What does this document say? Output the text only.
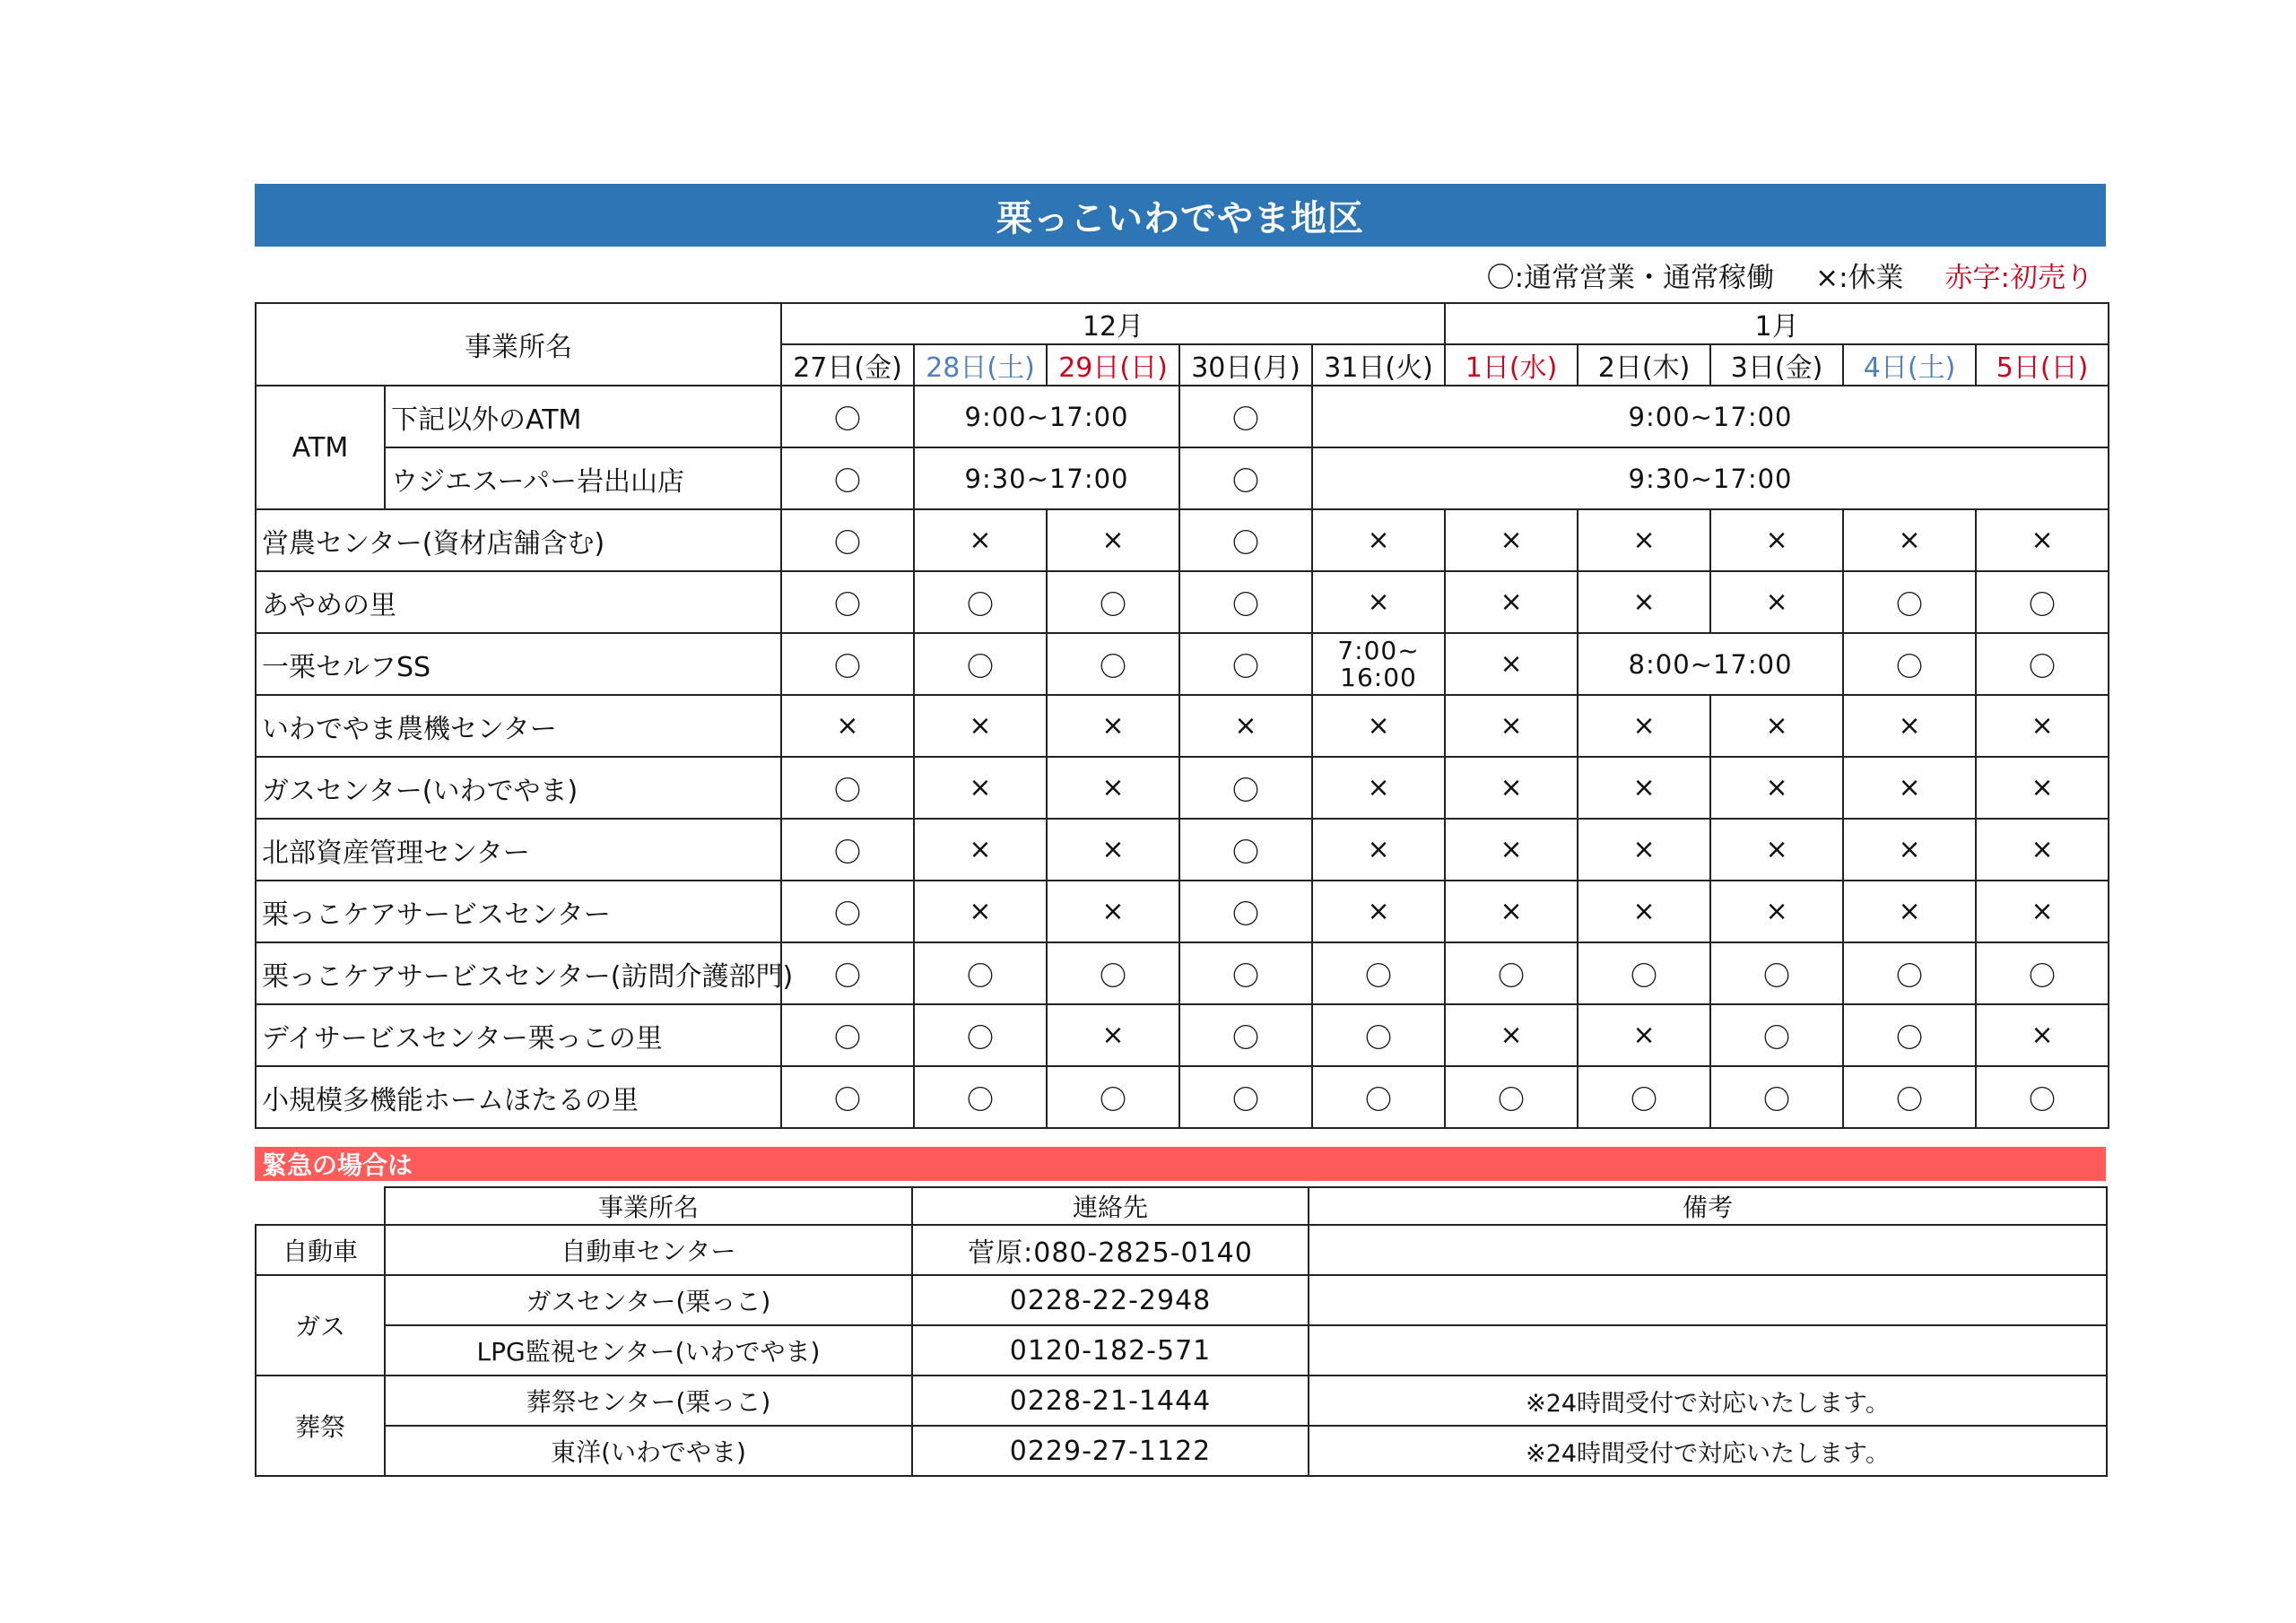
栗っこいわでやま地区
〇:通常営業・通常稼働 ×:休業 赤字:初売り
事業所名		12月					1月				
		27日(金)	28日(土)	29日(日)	30日(月)	31日(火)	1日(水)	2日(木)	3日(金)	4日(土)	5日(日)
ATM	下記以外のATM	〇	9:00~17:00		〇	9:00~17:00					
	ウジエスーパー岩出山店	〇	9:30~17:00		〇	9:30~17:00					
営農センター(資材店舗含む)		〇	×	×	〇	×	×	×	×	×	×
あやめの里		〇	〇	〇	〇	×	×	×	×	〇	〇
一栗セルフSS		〇	〇	〇	〇	7:00~
16:00	×	8:00~17:00		〇	〇
いわでやま農機センター		×	×	×	×	×	×	×	×	×	×
ガスセンター(いわでやま)		〇	×	×	〇	×	×	×	×	×	×
北部資産管理センター		〇	×	×	〇	×	×	×	×	×	×
栗っこケアサービスセンター		〇	×	×	〇	×	×	×	×	×	×
栗っこケアサービスセンター(訪問介護部門)		〇	〇	〇	〇	〇	〇	〇	〇	〇	〇
デイサービスセンター栗っこの里		〇	〇	×	〇	〇	×	×	〇	〇	×
小規模多機能ホームほたるの里		〇	〇	〇	〇	〇	〇	〇	〇	〇	〇
緊急の場合は
	事業所名	連絡先	備考
自動車	自動車センター	菅原:080-2825-0140	
ガス	ガスセンター(栗っこ)	0228-22-2948	
	LPG監視センター(いわでやま)	0120-182-571	
葬祭	葬祭センター(栗っこ)	0228-21-1444	※24時間受付で対応いたします。
	東洋(いわでやま)	0229-27-1122	※24時間受付で対応いたします。
